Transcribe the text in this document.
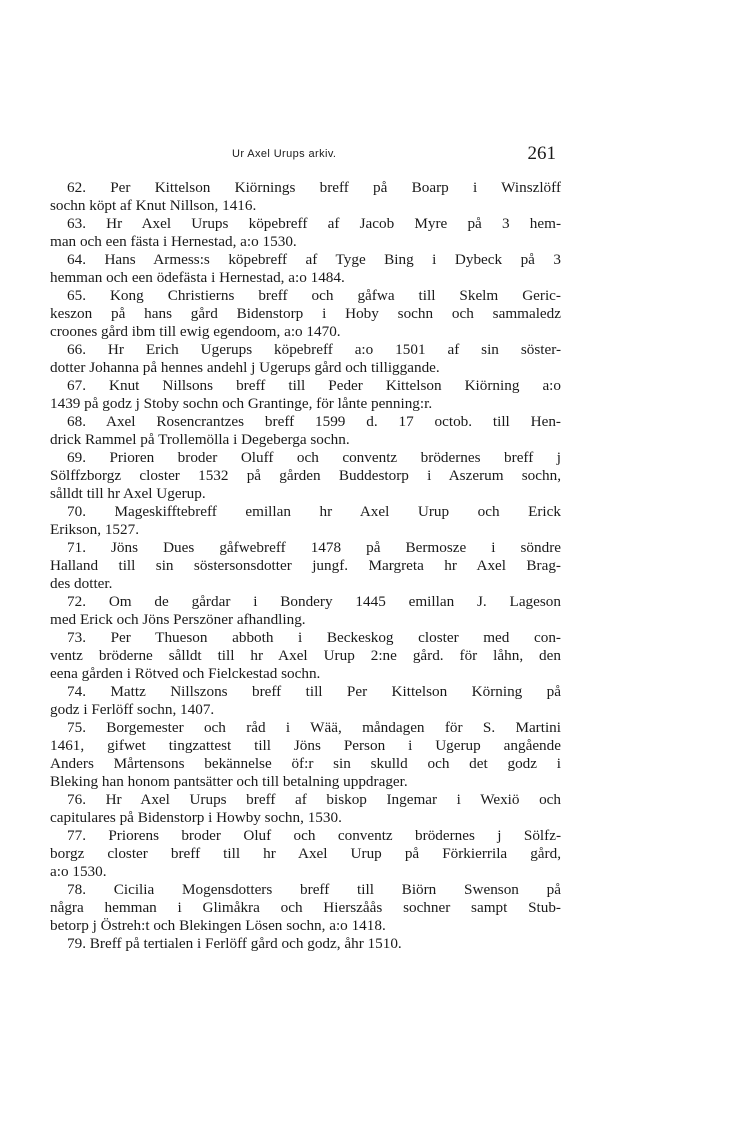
Ur Axel Urups arkiv.	261
62. Per Kittelson Kiörnings breff på Boarp i Winszlöff
sochn köpt af Knut Nillson, 1416.
63. Hr Axel Urups köpebreff af Jacob Myre på 3 hem-
man och een fästa i Hernestad, a:o 1530.
64. Hans Armess:s köpebreff af Tyge Bing i Dybeck på 3
hemman och een ödefästa i Hernestad, a:o 1484.
65. Kong Christierns breff och gåfwa till Skelm Geric-
keszon på hans gård Bidenstorp i Hoby sochn och sammaledz
croones gård ibm till ewig egendoom, a:o 1470.
66. Hr Erich Ugerups köpebreff a:o 1501 af sin söster-
dotter Johanna på hennes andehl j Ugerups gård och tilliggande.
67. Knut Nillsons breff till Peder Kittelson Kiörning a:o
1439 på godz j Stoby sochn och Grantinge, för lånte penning:r.
68. Axel Rosencrantzes breff 1599 d. 17 octob. till Hen-
drick Rammel på Trollemölla i Degeberga sochn.
69. Prioren broder Oluff och conventz brödernes breff j
Sölffzborgz closter 1532 på gården Buddestorp i Aszerum sochn,
sålldt till hr Axel Ugerup.
70. Mageskifftebreff emillan hr Axel Urup och Erick
Erikson, 1527.
71. Jöns Dues gåfwebreff 1478 på Bermosze i söndre
Halland till sin söstersonsdotter jungf. Margreta hr Axel Brag-
des dotter.
72. Om de gårdar i Bondery 1445 emillan J. Lageson
med Erick och Jöns Perszöner afhandling.
73. Per Thueson abboth i Beckeskog closter med con-
ventz bröderne sålldt till hr Axel Urup 2:ne gård. för låhn, den
eena gården i Rötved och Fielckestad sochn.
74. Mattz Nillszons breff till Per Kittelson Körning på
godz i Ferlöff sochn, 1407.
75. Borgemester och råd i Wää, måndagen för S. Martini
1461, gifwet tingzattest till Jöns Person i Ugerup angående
Anders Mårtensons bekännelse öf:r sin skulld och det godz i
Bleking han honom pantsätter och till betalning uppdrager.
76. Hr Axel Urups breff af biskop Ingemar i Wexiö och
capitulares på Bidenstorp i Howby sochn, 1530.
77. Priorens broder Oluf och conventz brödernes j Sölfz-
borgz closter breff till hr Axel Urup på Förkierrila gård,
a:o 1530.
78. Cicilia Mogensdotters breff till Biörn Swenson på
några hemman i Glimåkra och Hierszåås sochner sampt Stub-
betorp j Östreh:t och Blekingen Lösen sochn, a:o 1418.
79. Breff på tertialen i Ferlöff gård och godz, åhr 1510.
